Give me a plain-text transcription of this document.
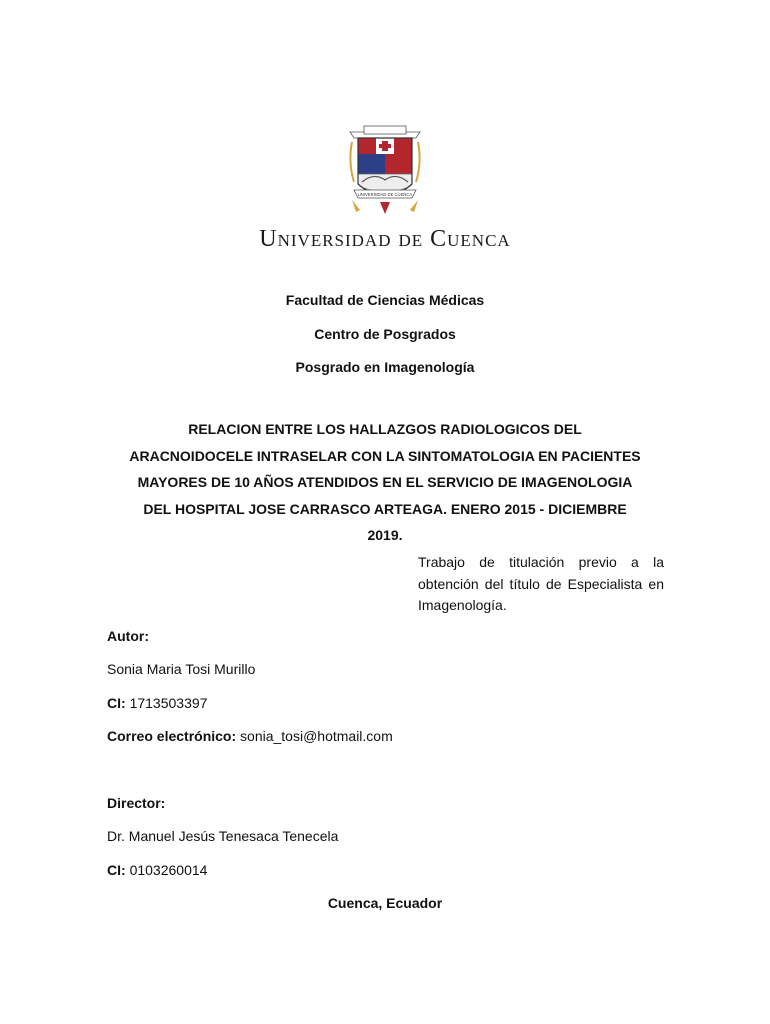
UNIVERSIDAD DE CUENCA
Universidad de Cuenca
Facultad de Ciencias Médicas
Centro de Posgrados
Posgrado en Imagenología
RELACION ENTRE LOS HALLAZGOS RADIOLOGICOS DEL
ARACNOIDOCELE INTRASELAR CON LA SINTOMATOLOGIA EN PACIENTES
MAYORES DE 10 AÑOS ATENDIDOS EN EL SERVICIO DE IMAGENOLOGIA
DEL HOSPITAL JOSE CARRASCO ARTEAGA. ENERO 2015 - DICIEMBRE
2019.
Trabajo de titulación previo a la obtención del título de Especialista en Imagenología.
Autor:
Sonia Maria Tosi Murillo
CI: 1713503397
Correo electrónico: sonia_tosi@hotmail.com
Director:
Dr. Manuel Jesús Tenesaca Tenecela
CI: 0103260014
Cuenca, Ecuador
